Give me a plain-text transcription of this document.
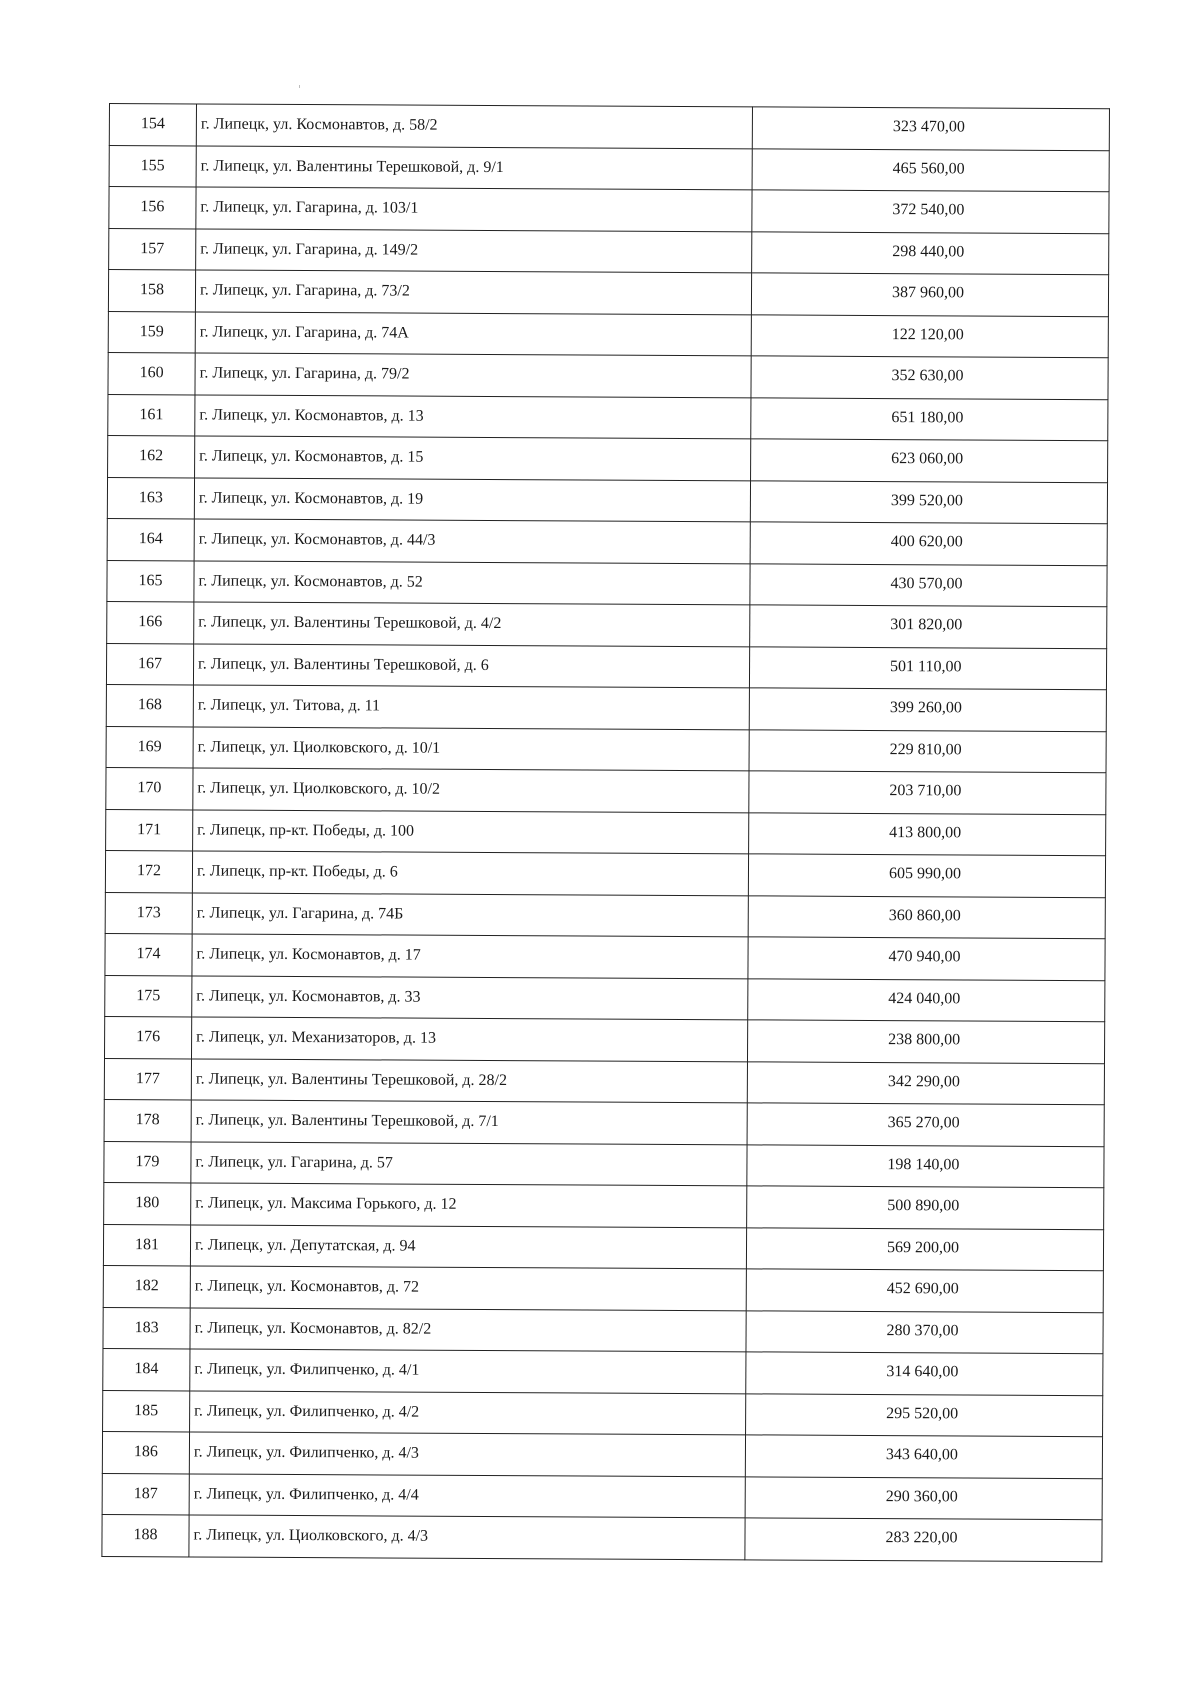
154	г. Липецк, ул. Космонавтов, д. 58/2	323 470,00
155	г. Липецк, ул. Валентины Терешковой, д. 9/1	465 560,00
156	г. Липецк, ул. Гагарина, д. 103/1	372 540,00
157	г. Липецк, ул. Гагарина, д. 149/2	298 440,00
158	г. Липецк, ул. Гагарина, д. 73/2	387 960,00
159	г. Липецк, ул. Гагарина, д. 74А	122 120,00
160	г. Липецк, ул. Гагарина, д. 79/2	352 630,00
161	г. Липецк, ул. Космонавтов, д. 13	651 180,00
162	г. Липецк, ул. Космонавтов, д. 15	623 060,00
163	г. Липецк, ул. Космонавтов, д. 19	399 520,00
164	г. Липецк, ул. Космонавтов, д. 44/3	400 620,00
165	г. Липецк, ул. Космонавтов, д. 52	430 570,00
166	г. Липецк, ул. Валентины Терешковой, д. 4/2	301 820,00
167	г. Липецк, ул. Валентины Терешковой, д. 6	501 110,00
168	г. Липецк, ул. Титова, д. 11	399 260,00
169	г. Липецк, ул. Циолковского, д. 10/1	229 810,00
170	г. Липецк, ул. Циолковского, д. 10/2	203 710,00
171	г. Липецк, пр-кт. Победы, д. 100	413 800,00
172	г. Липецк, пр-кт. Победы, д. 6	605 990,00
173	г. Липецк, ул. Гагарина, д. 74Б	360 860,00
174	г. Липецк, ул. Космонавтов, д. 17	470 940,00
175	г. Липецк, ул. Космонавтов, д. 33	424 040,00
176	г. Липецк, ул. Механизаторов, д. 13	238 800,00
177	г. Липецк, ул. Валентины Терешковой, д. 28/2	342 290,00
178	г. Липецк, ул. Валентины Терешковой, д. 7/1	365 270,00
179	г. Липецк, ул. Гагарина, д. 57	198 140,00
180	г. Липецк, ул. Максима Горького, д. 12	500 890,00
181	г. Липецк, ул. Депутатская, д. 94	569 200,00
182	г. Липецк, ул. Космонавтов, д. 72	452 690,00
183	г. Липецк, ул. Космонавтов, д. 82/2	280 370,00
184	г. Липецк, ул. Филипченко, д. 4/1	314 640,00
185	г. Липецк, ул. Филипченко, д. 4/2	295 520,00
186	г. Липецк, ул. Филипченко, д. 4/3	343 640,00
187	г. Липецк, ул. Филипченко, д. 4/4	290 360,00
188	г. Липецк, ул. Циолковского, д. 4/3	283 220,00
